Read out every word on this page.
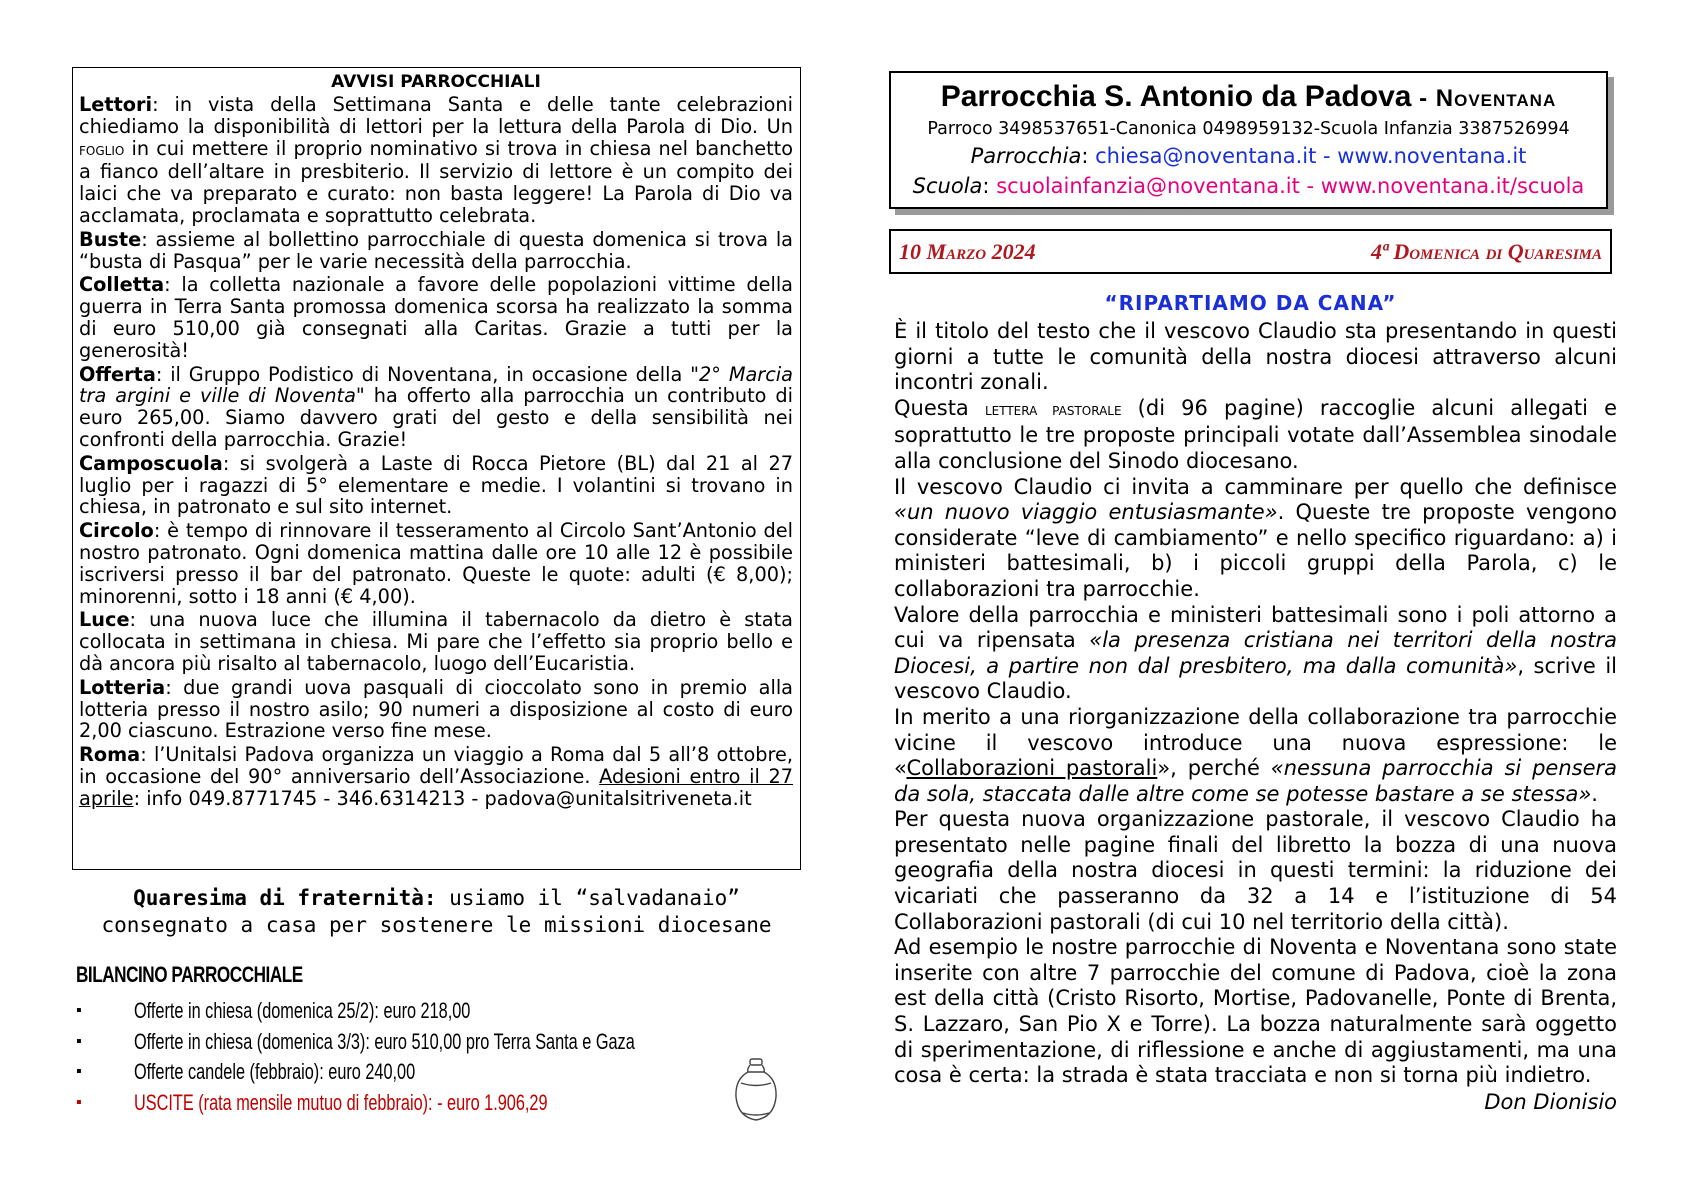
AVVISI PARROCCHIALI

Lettori: in vista della Settimana Santa e delle tante celebrazioni chiediamo la disponibilità di lettori per la lettura della Parola di Dio. Un foglio in cui mettere il proprio nominativo si trova in chiesa nel banchetto a fianco dell’altare in presbiterio. Il servizio di lettore è un compito dei laici che va preparato e curato: non basta leggere! La Parola di Dio va acclamata, proclamata e soprattutto celebrata.

Buste: assieme al bollettino parrocchiale di questa domenica si trova la “busta di Pasqua” per le varie necessità della parrocchia.

Colletta: la colletta nazionale a favore delle popolazioni vittime della guerra in Terra Santa promossa domenica scorsa ha realizzato la somma di euro 510,00 già consegnati alla Caritas. Grazie a tutti per la generosità!

Offerta: il Gruppo Podistico di Noventana, in occasione della "2° Marcia tra argini e ville di Noventa" ha offerto alla parrocchia un contributo di euro 265,00. Siamo davvero grati del gesto e della sensibilità nei confronti della parrocchia. Grazie!

Camposcuola: si svolgerà a Laste di Rocca Pietore (BL) dal 21 al 27 luglio per i ragazzi di 5° elementare e medie. I volantini si trovano in chiesa, in patronato e sul sito internet.

Circolo: è tempo di rinnovare il tesseramento al Circolo Sant’Antonio del nostro patronato. Ogni domenica mattina dalle ore 10 alle 12 è possibile iscriversi presso il bar del patronato. Queste le quote: adulti (€ 8,00); minorenni, sotto i 18 anni (€ 4,00).

Luce: una nuova luce che illumina il tabernacolo da dietro è stata collocata in settimana in chiesa. Mi pare che l’effetto sia proprio bello e dà ancora più risalto al tabernacolo, luogo dell’Eucaristia.

Lotteria: due grandi uova pasquali di cioccolato sono in premio alla lotteria presso il nostro asilo; 90 numeri a disposizione al costo di euro 2,00 ciascuno. Estrazione verso fine mese.

Roma: l’Unitalsi Padova organizza un viaggio a Roma dal 5 all’8 ottobre, in occasione del 90° anniversario dell’Associazione. Adesioni entro il 27 aprile: info 049.8771745 - 346.6314213 - padova@unitalsitriveneta.it

Quaresima di fraternità: usiamo il “salvadanaio”
consegnato a casa per sostenere le missioni diocesane
BILANCINO PARROCCHIALE
▪ Offerte in chiesa (domenica 25/2): euro 218,00
▪ Offerte in chiesa (domenica 3/3): euro 510,00 pro Terra Santa e Gaza
▪ Offerte candele (febbraio): euro 240,00
▪ USCITE (rata mensile mutuo di febbraio): - euro 1.906,29
Parrocchia S. Antonio da Padova - Noventana
Parroco 3498537651-Canonica 0498959132-Scuola Infanzia 3387526994
Parrocchia: chiesa@noventana.it - www.noventana.it
Scuola: scuolainfanzia@noventana.it - www.noventana.it/scuola
10 Marzo 2024	4ª Domenica di Quaresima
“RIPARTIAMO DA CANA”

È il titolo del testo che il vescovo Claudio sta presentando in questi giorni a tutte le comunità della nostra diocesi attraverso alcuni incontri zonali.

Questa lettera pastorale (di 96 pagine) raccoglie alcuni allegati e soprattutto le tre proposte principali votate dall’Assemblea sinodale alla conclusione del Sinodo diocesano.

Il vescovo Claudio ci invita a camminare per quello che definisce «un nuovo viaggio entusiasmante». Queste tre proposte vengono considerate “leve di cambiamento” e nello specifico riguardano: a) i ministeri battesimali, b) i piccoli gruppi della Parola, c) le collaborazioni tra parrocchie.

Valore della parrocchia e ministeri battesimali sono i poli attorno a cui va ripensata «la presenza cristiana nei territori della nostra Diocesi, a partire non dal presbitero, ma dalla comunità», scrive il vescovo Claudio.

In merito a una riorganizzazione della collaborazione tra parrocchie vicine il vescovo introduce una nuova espressione: le «Collaborazioni pastorali», perché «nessuna parrocchia si pensera da sola, staccata dalle altre come se potesse bastare a se stessa».

Per questa nuova organizzazione pastorale, il vescovo Claudio ha presentato nelle pagine finali del libretto la bozza di una nuova geografia della nostra diocesi in questi termini: la riduzione dei vicariati che passeranno da 32 a 14 e l’istituzione di 54 Collaborazioni pastorali (di cui 10 nel territorio della città).

Ad esempio le nostre parrocchie di Noventa e Noventana sono state inserite con altre 7 parrocchie del comune di Padova, cioè la zona est della città (Cristo Risorto, Mortise, Padovanelle, Ponte di Brenta, S. Lazzaro, San Pio X e Torre). La bozza naturalmente sarà oggetto di sperimentazione, di riflessione e anche di aggiustamenti, ma una cosa è certa: la strada è stata tracciata e non si torna più indietro.

Don Dionisio
